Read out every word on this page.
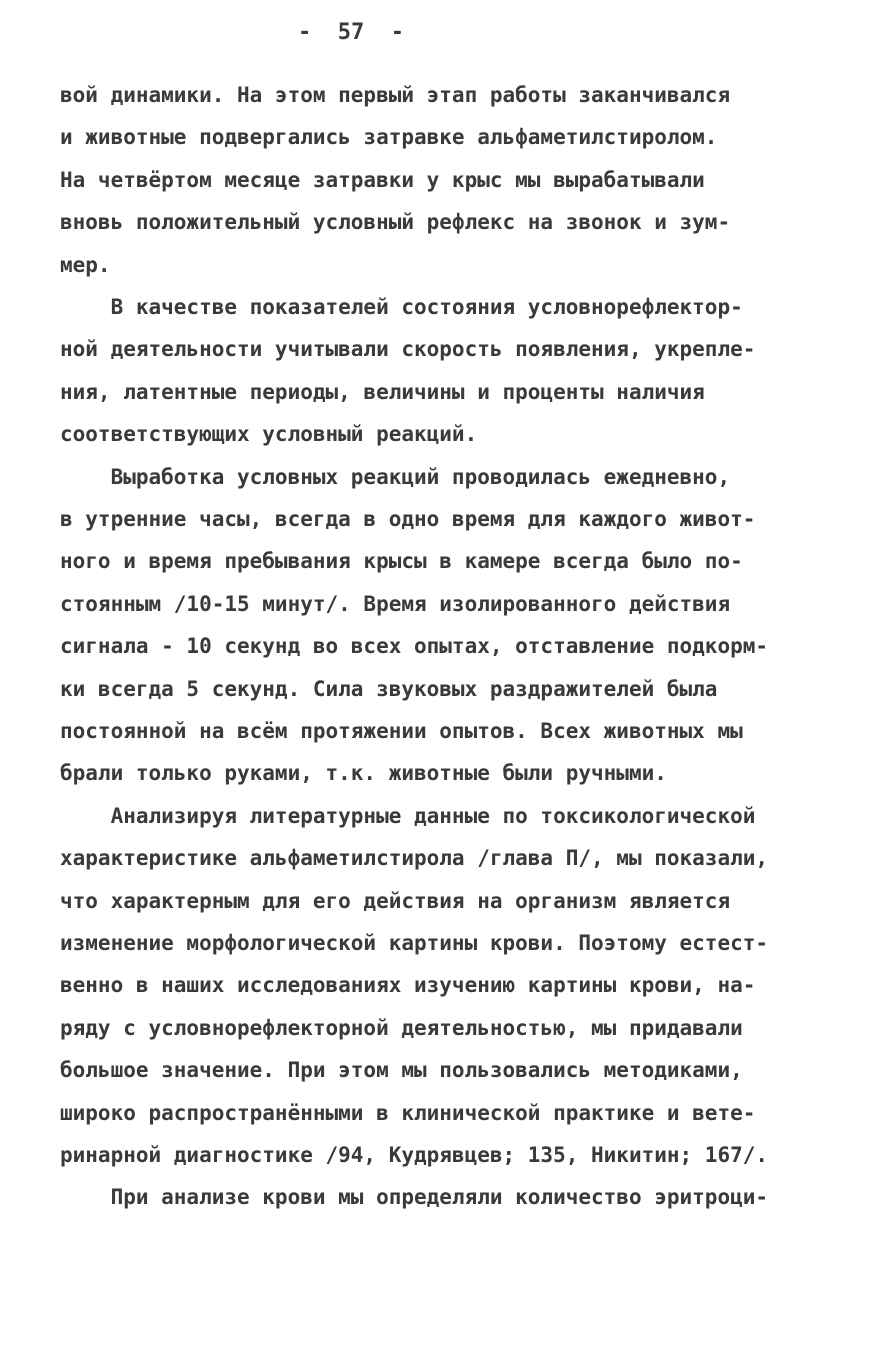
-  57  -
вой динамики. На этом первый этап работы заканчивался
и животные подвергались затравке альфаметилстиролом.
На четвёртом месяце затравки у крыс мы вырабатывали
вновь положительный условный рефлекс на звонок и зум-
мер.
В качестве показателей состояния условнорефлектор-
ной деятельности учитывали скорость появления, укрепле-
ния, латентные периоды, величины и проценты наличия
соответствующих условный реакций.
Выработка условных реакций проводилась ежедневно,
в утренние часы, всегда в одно время для каждого живот-
ного и время пребывания крысы в камере всегда было по-
стоянным /10-15 минут/. Время изолированного действия
сигнала - 10 секунд во всех опытах, отставление подкорм-
ки всегда 5 секунд. Сила звуковых раздражителей была
постоянной на всём протяжении опытов. Всех животных мы
брали только руками, т.к. животные были ручными.
Анализируя литературные данные по токсикологической
характеристике альфаметилстирола /глава П/, мы показали,
что характерным для его действия на организм является
изменение морфологической картины крови. Поэтому естест-
венно в наших исследованиях изучению картины крови, на-
ряду с условнорефлекторной деятельностью, мы придавали
большое значение. При этом мы пользовались методиками,
широко распространёнными в клинической практике и вете-
ринарной диагностике /94, Кудрявцев; 135, Никитин; 167/.
При анализе крови мы определяли количество эритроци-
